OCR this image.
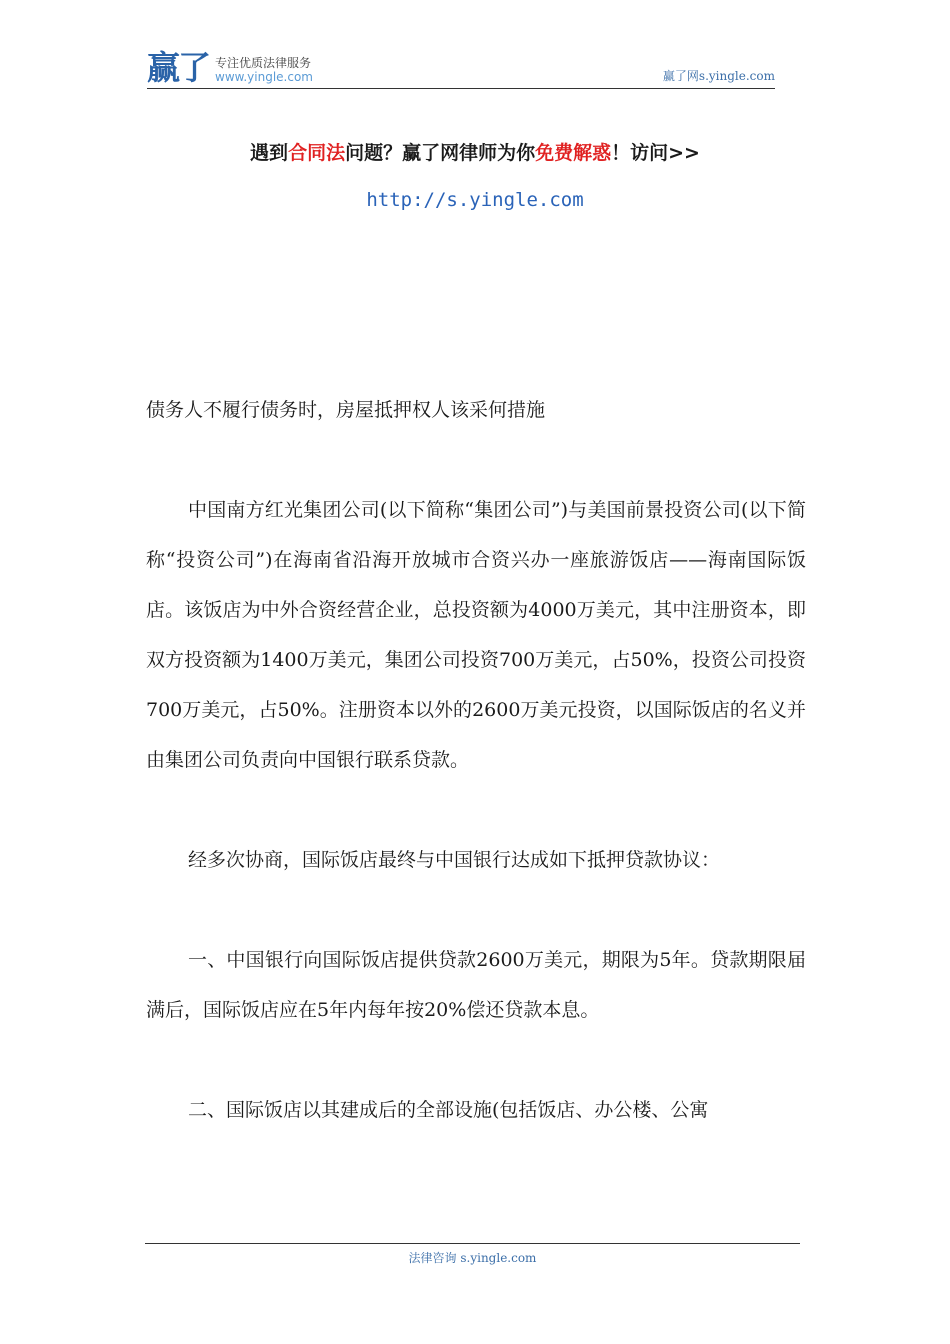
赢了 专注优质法律服务
www.yingle.com	赢了网s.yingle.com
遇到合同法问题？赢了网律师为你免费解惑！访问>>
http://s.yingle.com
债务人不履行债务时，房屋抵押权人该采何措施

中国南方红光集团公司(以下简称“集团公司”)与美国前景投资公司(以下简称“投资公司”)在海南省沿海开放城市合资兴办一座旅游饭店——海南国际饭店。该饭店为中外合资经营企业，总投资额为4000万美元，其中注册资本，即双方投资额为1400万美元，集团公司投资700万美元，占50%，投资公司投资700万美元，占50%。注册资本以外的2600万美元投资，以国际饭店的名义并由集团公司负责向中国银行联系贷款。

经多次协商，国际饭店最终与中国银行达成如下抵押贷款协议：

一、中国银行向国际饭店提供贷款2600万美元，期限为5年。贷款期限届满后，国际饭店应在5年内每年按20%偿还贷款本息。

二、国际饭店以其建成后的全部设施(包括饭店、办公楼、公寓

法律咨询 s.yingle.com
